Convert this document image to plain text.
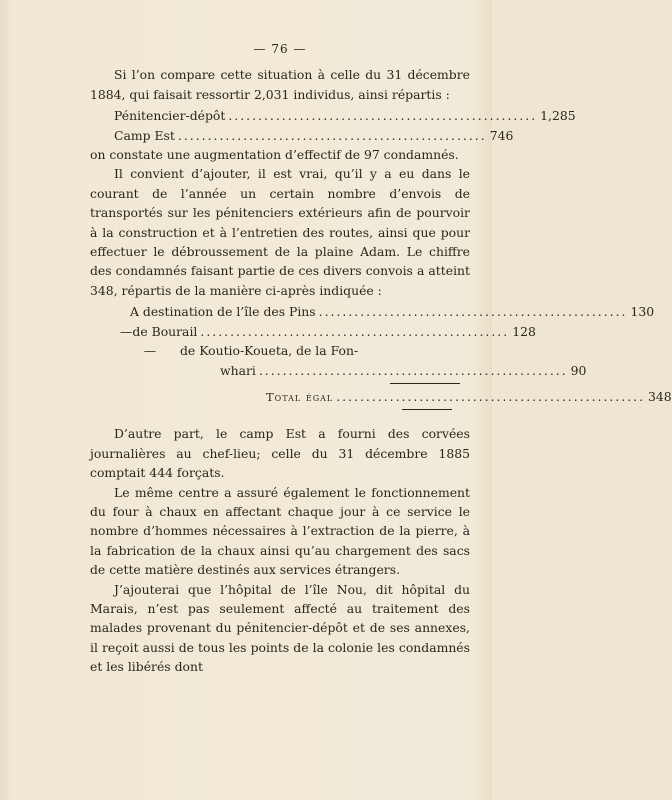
— 76 —

Si l’on compare cette situation à celle du 31 décembre 1884, qui faisait ressortir 2,031 individus, ainsi répartis :

Pénitencier-dépôt .................................................... 1,285
Camp Est .................................................... 746

on constate une augmentation d’effectif de 97 condamnés.

Il convient d’ajouter, il est vrai, qu’il y a eu dans le courant de l’année un certain nombre d’envois de transportés sur les pénitenciers extérieurs afin de pourvoir à la construction et à l’entretien des routes, ainsi que pour effectuer le débroussement de la plaine Adam. Le chiffre des condamnés faisant partie de ces divers convois a atteint 348, répartis de la manière ci-après indiquée :

A destination de l’île des Pins .................................................... 130
— de Bourail .................................................... 128
—	de Koutio-Koueta, de la Fon-
whari .................................................... 90
Total égal .................................................... 348

D’autre part, le camp Est a fourni des corvées journalières au chef-lieu; celle du 31 décembre 1885 comptait 444 forçats.

Le même centre a assuré également le fonctionnement du four à chaux en affectant chaque jour à ce service le nombre d’hommes nécessaires à l’extraction de la pierre, à la fabrication de la chaux ainsi qu’au chargement des sacs de cette matière destinés aux services étrangers.

J’ajouterai que l’hôpital de l’île Nou, dit hôpital du Marais, n’est pas seulement affecté au traitement des malades provenant du pénitencier-dépôt et de ses annexes, il reçoit aussi de tous les points de la colonie les condamnés et les libérés dont
